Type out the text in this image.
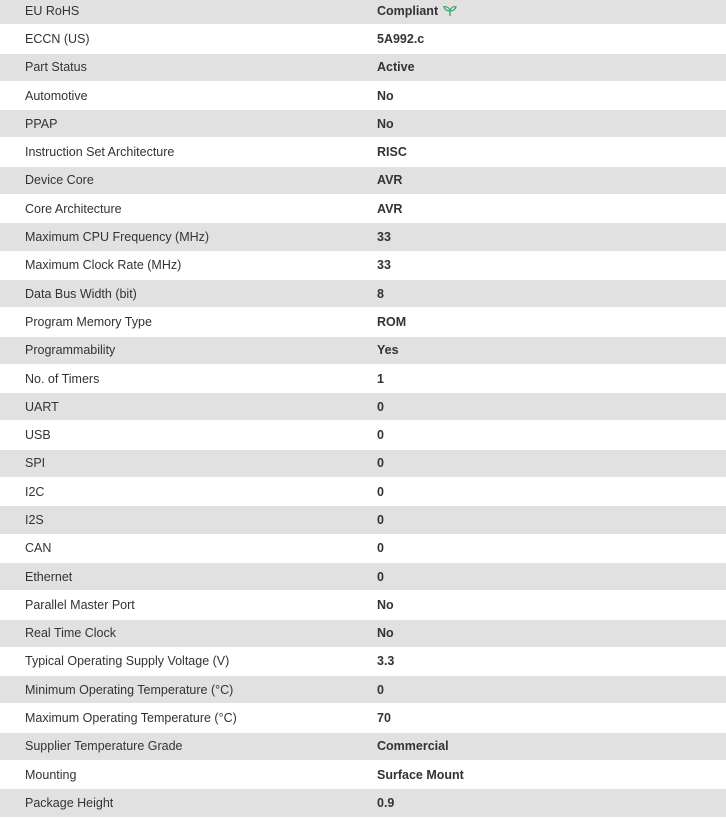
EU RoHS	Compliant
ECCN (US)	5A992.c
Part Status	Active
Automotive	No
PPAP	No
Instruction Set Architecture	RISC
Device Core	AVR
Core Architecture	AVR
Maximum CPU Frequency (MHz)	33
Maximum Clock Rate (MHz)	33
Data Bus Width (bit)	8
Program Memory Type	ROM
Programmability	Yes
No. of Timers	1
UART	0
USB	0
SPI	0
I2C	0
I2S	0
CAN	0
Ethernet	0
Parallel Master Port	No
Real Time Clock	No
Typical Operating Supply Voltage (V)	3.3
Minimum Operating Temperature (°C)	0
Maximum Operating Temperature (°C)	70
Supplier Temperature Grade	Commercial
Mounting	Surface Mount
Package Height	0.9
